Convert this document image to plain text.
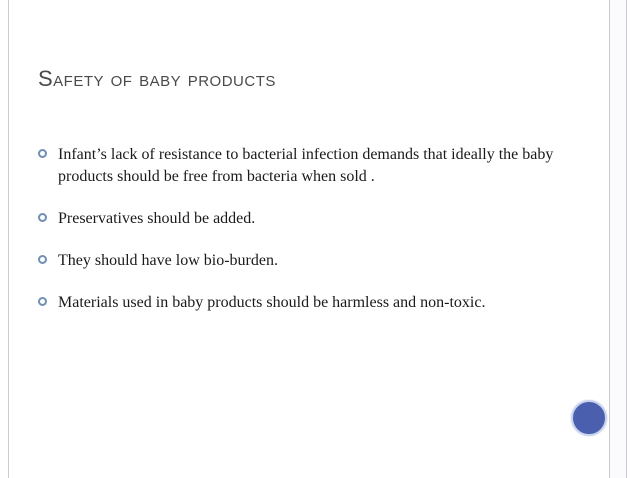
Safety of baby products
Infant’s lack of resistance to bacterial infection demands that ideally the baby products should be free from bacteria when sold .
Preservatives should be added.
They should have low bio-burden.
Materials used in baby products should be harmless and non-toxic.
